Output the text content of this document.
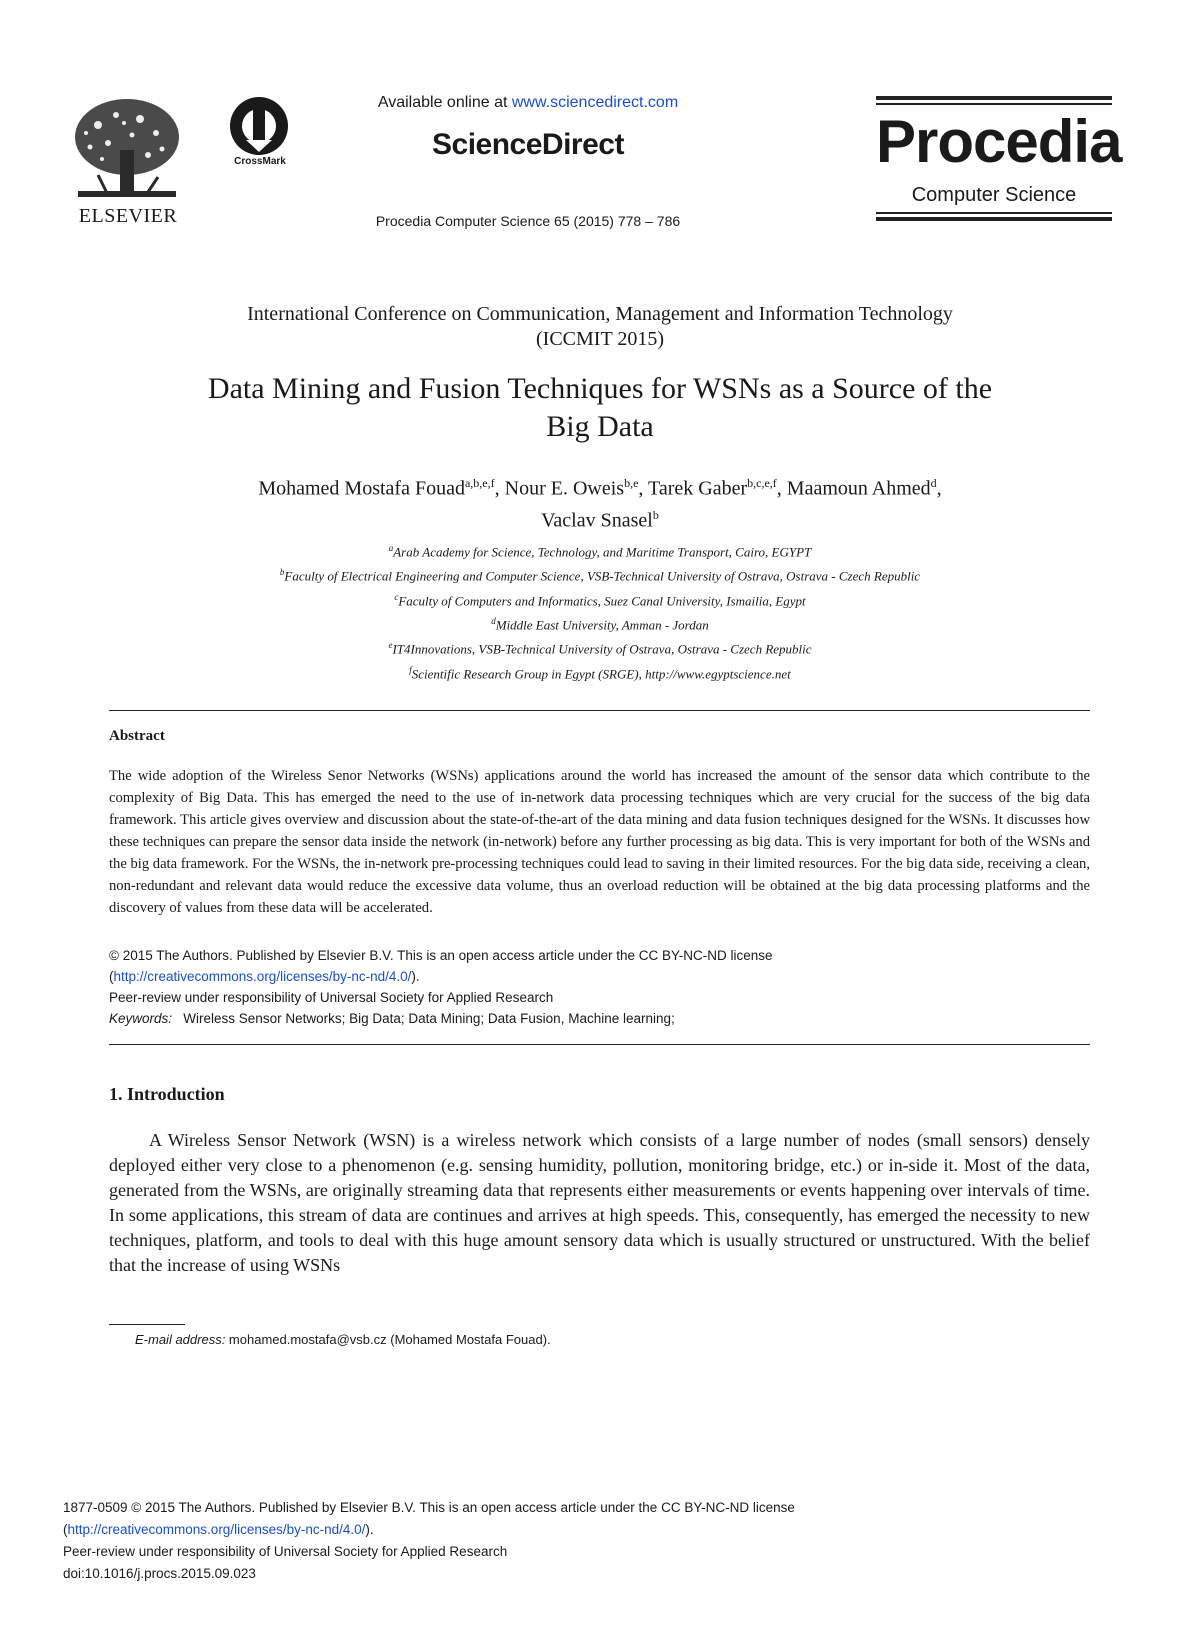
ELSEVIER
CrossMark
Available online at www.sciencedirect.com
ScienceDirect
Procedia Computer Science 65 (2015) 778 – 786
Procedia
Computer Science
International Conference on Communication, Management and Information Technology
(ICCMIT 2015)
Data Mining and Fusion Techniques for WSNs as a Source of the
Big Data
Mohamed Mostafa Fouad$^{a,b,e,f}$, Nour E. Oweis$^{b,e}$, Tarek Gaber$^{b,c,e,f}$, Maamoun Ahmed$^d$,
Vaclav Snasel$^b$
$^a$Arab Academy for Science, Technology, and Maritime Transport, Cairo, EGYPT
$^b$Faculty of Electrical Engineering and Computer Science, VSB-Technical University of Ostrava, Ostrava - Czech Republic
$^c$Faculty of Computers and Informatics, Suez Canal University, Ismailia, Egypt
$^d$Middle East University, Amman - Jordan
$^e$IT4Innovations, VSB-Technical University of Ostrava, Ostrava - Czech Republic
$^f$Scientific Research Group in Egypt (SRGE), http://www.egyptscience.net
Abstract
The wide adoption of the Wireless Senor Networks (WSNs) applications around the world has increased the amount of the sensor data which contribute to the complexity of Big Data. This has emerged the need to the use of in-network data processing techniques which are very crucial for the success of the big data framework. This article gives overview and discussion about the state-of-the-art of the data mining and data fusion techniques designed for the WSNs. It discusses how these techniques can prepare the sensor data inside the network (in-network) before any further processing as big data. This is very important for both of the WSNs and the big data framework. For the WSNs, the in-network pre-processing techniques could lead to saving in their limited resources. For the big data side, receiving a clean, non-redundant and relevant data would reduce the excessive data volume, thus an overload reduction will be obtained at the big data processing platforms and the discovery of values from these data will be accelerated.
© 2015 The Authors. Published by Elsevier B.V. This is an open access article under the CC BY-NC-ND license
(http://creativecommons.org/licenses/by-nc-nd/4.0/).
Peer-review under responsibility of Universal Society for Applied Research
Keywords: Wireless Sensor Networks; Big Data; Data Mining; Data Fusion, Machine learning;
1. Introduction
A Wireless Sensor Network (WSN) is a wireless network which consists of a large number of nodes (small sensors) densely deployed either very close to a phenomenon (e.g. sensing humidity, pollution, monitoring bridge, etc.) or in-side it. Most of the data, generated from the WSNs, are originally streaming data that represents either measurements or events happening over intervals of time. In some applications, this stream of data are continues and arrives at high speeds. This, consequently, has emerged the necessity to new techniques, platform, and tools to deal with this huge amount sensory data which is usually structured or unstructured. With the belief that the increase of using WSNs
E-mail address: mohamed.mostafa@vsb.cz (Mohamed Mostafa Fouad).
1877-0509 © 2015 The Authors. Published by Elsevier B.V. This is an open access article under the CC BY-NC-ND license
(http://creativecommons.org/licenses/by-nc-nd/4.0/).
Peer-review under responsibility of Universal Society for Applied Research
doi:10.1016/j.procs.2015.09.023
